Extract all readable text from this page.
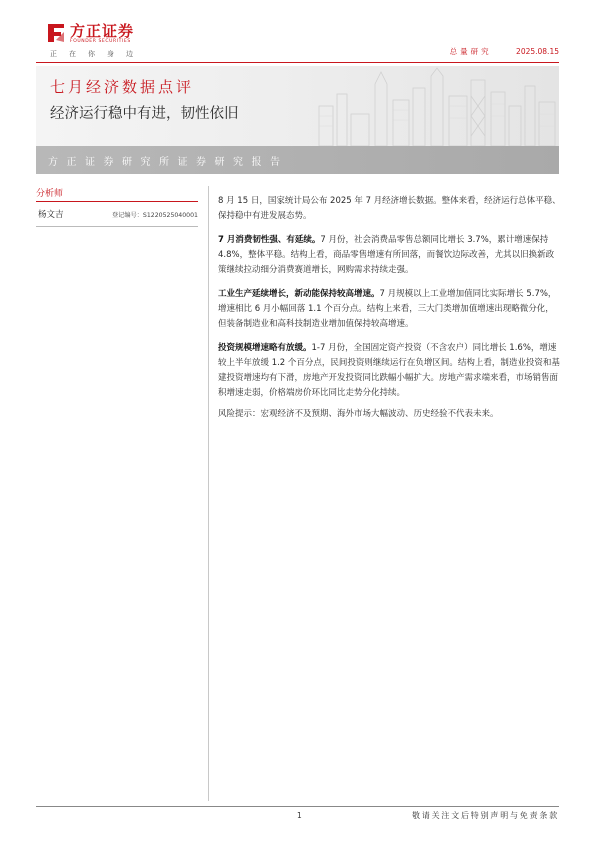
方正证券
FOUNDER SECURITIES
正在你身边	总量研究	2025.08.15
七月经济数据点评
经济运行稳中有进，韧性依旧
方正证券研究所证券研究报告
分析师
杨文吉	登记编号：S1220525040001

8 月 15 日，国家统计局公布 2025 年 7 月经济增长数据。整体来看，经济运行总体平稳、保持稳中有进发展态势。

7 月消费韧性强、有延续。7 月份，社会消费品零售总额同比增长 3.7%，累计增速保持 4.8%，整体平稳。结构上看，商品零售增速有所回落，而餐饮边际改善，尤其以旧换新政策继续拉动细分消费赛道增长，网购需求持续走强。

工业生产延续增长，新动能保持较高增速。7 月规模以上工业增加值同比实际增长 5.7%，增速相比 6 月小幅回落 1.1 个百分点。结构上来看，三大门类增加值增速出现略微分化，但装备制造业和高科技制造业增加值保持较高增速。

投资规模增速略有放缓。1-7 月份，全国固定资产投资（不含农户）同比增长 1.6%，增速较上半年放缓 1.2 个百分点，民间投资则继续运行在负增区间。结构上看，制造业投资和基建投资增速均有下滑，房地产开发投资同比跌幅小幅扩大。房地产需求端来看，市场销售面积增速走弱，价格端房价环比同比走势分化持续。

风险提示：宏观经济不及预期、海外市场大幅波动、历史经验不代表未来。

1	敬请关注文后特别声明与免责条款
